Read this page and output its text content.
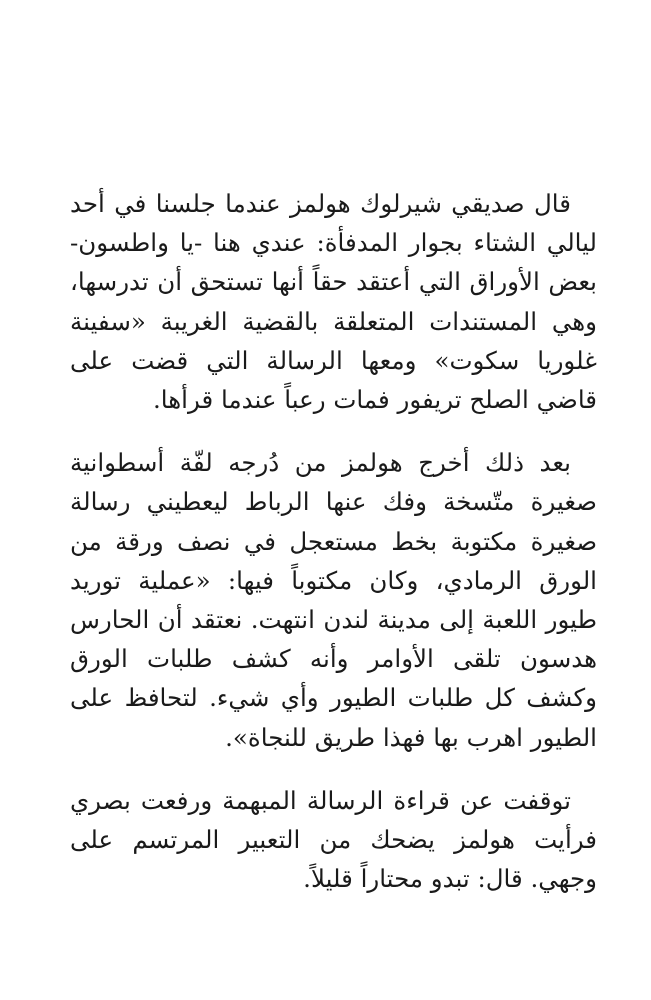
قال صديقي شيرلوك هولمز عندما جلسنا في أحد ليالي الشتاء بجوار المدفأة: عندي هنا -يا واطسون- بعض الأوراق التي أعتقد حقاً أنها تستحق أن تدرسها، وهي المستندات المتعلقة بالقضية الغريبة «سفينة غلوريا سكوت» ومعها الرسالة التي قضت على قاضي الصلح تريفور فمات رعباً عندما قرأها.

بعد ذلك أخرج هولمز من دُرجه لفّة أسطوانية صغيرة متّسخة وفك عنها الرباط ليعطيني رسالة صغيرة مكتوبة بخط مستعجل في نصف ورقة من الورق الرمادي، وكان مكتوباً فيها: «عملية توريد طيور اللعبة إلى مدينة لندن انتهت. نعتقد أن الحارس هدسون تلقى الأوامر وأنه كشف طلبات الورق وكشف كل طلبات الطيور وأي شيء. لتحافظ على الطيور اهرب بها فهذا طريق للنجاة».

توقفت عن قراءة الرسالة المبهمة ورفعت بصري فرأيت هولمز يضحك من التعبير المرتسم على وجهي. قال: تبدو محتاراً قليلاً.
